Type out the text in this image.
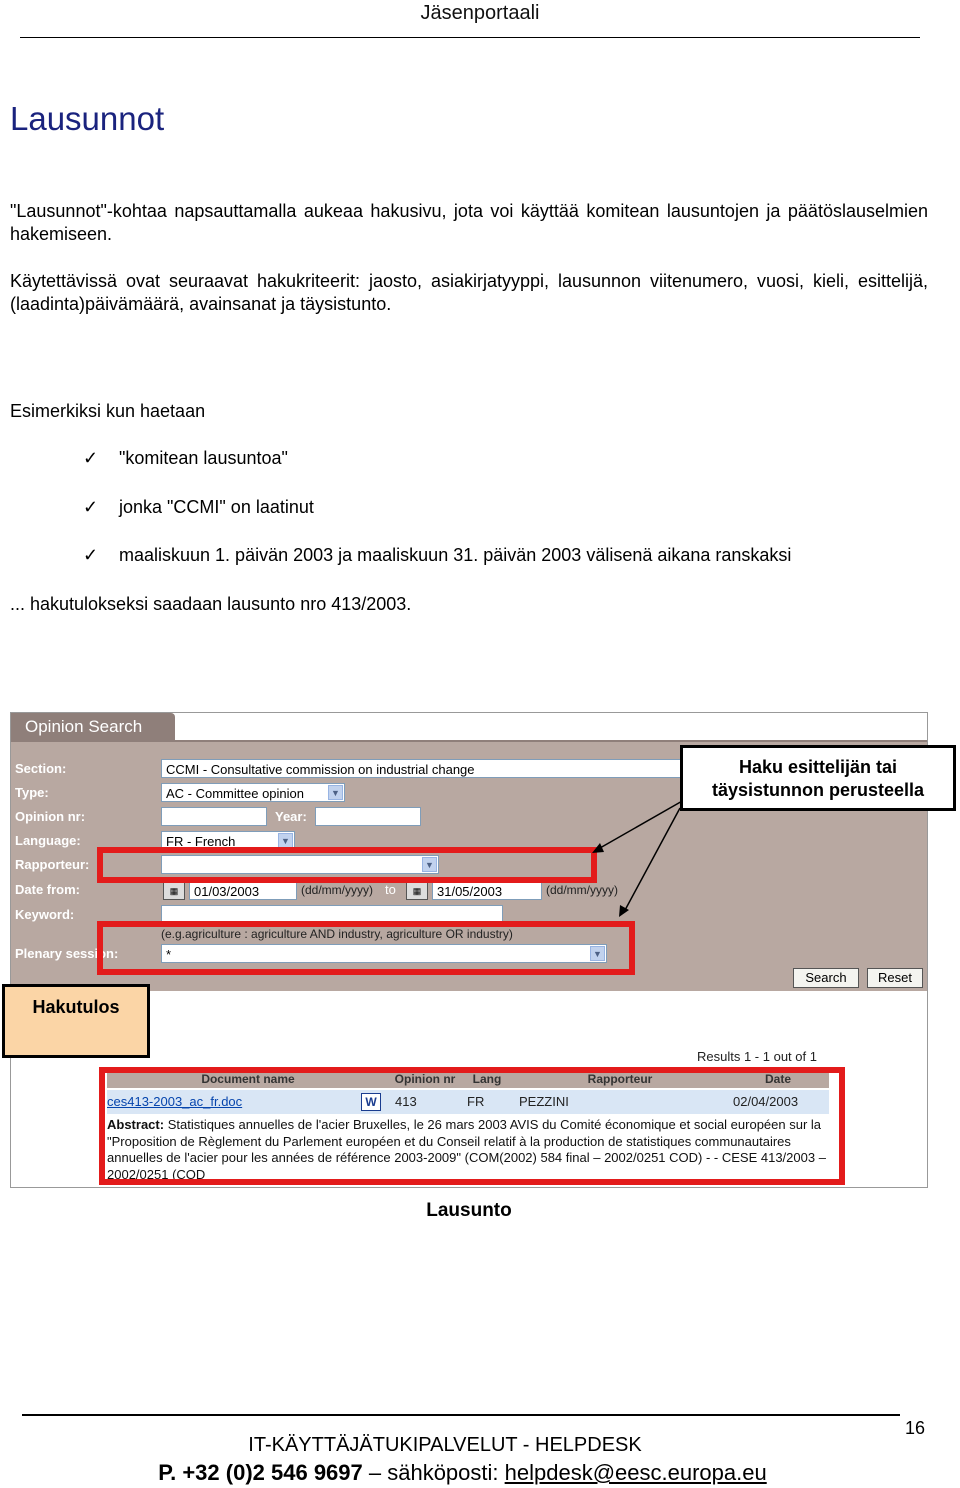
Jäsenportaali
Lausunnot
"Lausunnot"-kohtaa napsauttamalla aukeaa hakusivu, jota voi käyttää komitean lausuntojen ja päätöslauselmien hakemiseen.
Käytettävissä ovat seuraavat hakukriteerit: jaosto, asiakirjatyyppi, lausunnon viitenumero, vuosi, kieli, esittelijä, (laadinta)päivämäärä, avainsanat ja täysistunto.
Esimerkiksi kun haetaan
✓ "komitean lausuntoa"
✓ jonka "CCMI" on laatinut
✓ maaliskuun 1. päivän 2003 ja maaliskuun 31. päivän 2003 välisenä aikana ranskaksi
... hakutulokseksi saadaan lausunto nro 413/2003.
Opinion Search
Section:	CCMI - Consultative commission on industrial change
Type:	AC - Committee opinion	▼
Opinion nr:	Year:
Language:	FR - French	▼
Rapporteur:	▼
Date from:	▦	01/03/2003	(dd/mm/yyyy) to	▦	31/05/2003	(dd/mm/yyyy)
Keyword:
(e.g.agriculture : agriculture AND industry, agriculture OR industry)
Plenary session:	*	▼
Search	Reset
Results 1 - 1 out of 1
Document name	Opinion nr	Lang	Rapporteur	Date
ces413-2003_ac_fr.doc	W	413	FR	PEZZINI	02/04/2003
Abstract: Statistiques annuelles de l'acier Bruxelles, le 26 mars 2003 AVIS du Comité économique et social européen sur la "Proposition de Règlement du Parlement européen et du Conseil relatif à la production de statistiques communautaires annuelles de l'acier pour les années de référence 2003-2009" (COM(2002) 584 final – 2002/0251 COD) - - CESE 413/2003 – 2002/0251 (COD
Haku esittelijän tai täysistunnon perusteella
Hakutulos
Lausunto
16
IT-KÄYTTÄJÄTUKIPALVELUT - HELPDESK
P. +32 (0)2 546 9697 – sähköposti: helpdesk@eesc.europa.eu
